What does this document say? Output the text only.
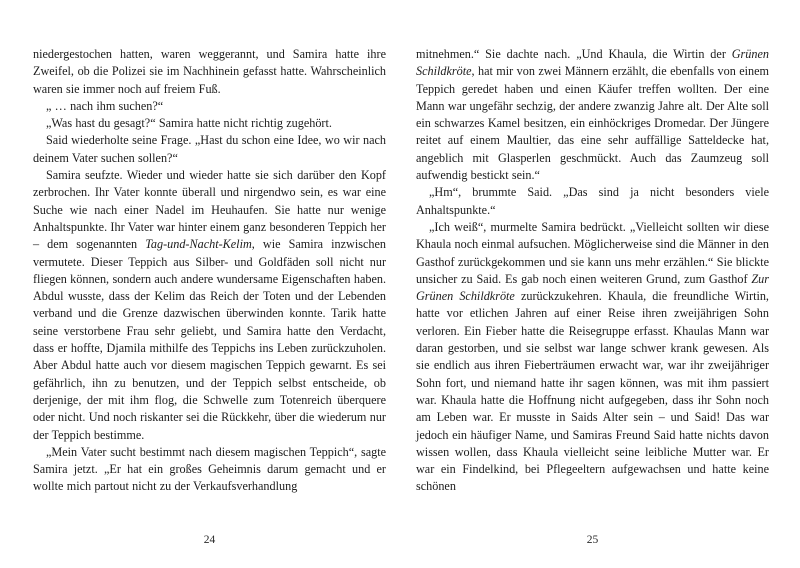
niedergestochen hatten, waren weggerannt, und Samira hatte ihre Zweifel, ob die Polizei sie im Nachhinein gefasst hatte. Wahrscheinlich waren sie immer noch auf freiem Fuß.

„ … nach ihm suchen?“

„Was hast du gesagt?“ Samira hatte nicht richtig zugehört.

Said wiederholte seine Frage. „Hast du schon eine Idee, wo wir nach deinem Vater suchen sollen?“

Samira seufzte. Wieder und wieder hatte sie sich darüber den Kopf zerbrochen. Ihr Vater konnte überall und nirgendwo sein, es war eine Suche wie nach einer Nadel im Heuhaufen. Sie hatte nur wenige Anhaltspunkte. Ihr Vater war hinter einem ganz besonderen Teppich her – dem sogenannten Tag-und-Nacht-Kelim, wie Samira inzwischen vermutete. Dieser Teppich aus Silber- und Goldfäden soll nicht nur fliegen können, sondern auch andere wundersame Eigenschaften haben. Abdul wusste, dass der Kelim das Reich der Toten und der Lebenden verband und die Grenze dazwischen überwinden konnte. Tarik hatte seine verstorbene Frau sehr geliebt, und Samira hatte den Verdacht, dass er hoffte, Djamila mithilfe des Teppichs ins Leben zurückzuholen. Aber Abdul hatte auch vor diesem magischen Teppich gewarnt. Es sei gefährlich, ihn zu benutzen, und der Teppich selbst entscheide, ob derjenige, der mit ihm flog, die Schwelle zum Totenreich überquere oder nicht. Und noch riskanter sei die Rückkehr, über die wiederum nur der Teppich bestimme.

„Mein Vater sucht bestimmt nach diesem magischen Teppich“, sagte Samira jetzt. „Er hat ein großes Geheimnis darum gemacht und er wollte mich partout nicht zu der Verkaufsverhandlung

24

mitnehmen.“ Sie dachte nach. „Und Khaula, die Wirtin der Grünen Schildkröte, hat mir von zwei Männern erzählt, die ebenfalls von einem Teppich geredet haben und einen Käufer treffen wollten. Der eine Mann war ungefähr sechzig, der andere zwanzig Jahre alt. Der Alte soll ein schwarzes Kamel besitzen, ein einhöckriges Dromedar. Der Jüngere reitet auf einem Maultier, das eine sehr auffällige Satteldecke hat, angeblich mit Glasperlen geschmückt. Auch das Zaumzeug soll aufwendig bestickt sein.“

„Hm“, brummte Said. „Das sind ja nicht besonders viele Anhaltspunkte.“

„Ich weiß“, murmelte Samira bedrückt. „Vielleicht sollten wir diese Khaula noch einmal aufsuchen. Möglicherweise sind die Männer in den Gasthof zurückgekommen und sie kann uns mehr erzählen.“ Sie blickte unsicher zu Said. Es gab noch einen weiteren Grund, zum Gasthof Zur Grünen Schildkröte zurückzukehren. Khaula, die freundliche Wirtin, hatte vor etlichen Jahren auf einer Reise ihren zweijährigen Sohn verloren. Ein Fieber hatte die Reisegruppe erfasst. Khaulas Mann war daran gestorben, und sie selbst war lange schwer krank gewesen. Als sie endlich aus ihren Fieberträumen erwacht war, war ihr zweijähriger Sohn fort, und niemand hatte ihr sagen können, was mit ihm passiert war. Khaula hatte die Hoffnung nicht aufgegeben, dass ihr Sohn noch am Leben war. Er musste in Saids Alter sein – und Said! Das war jedoch ein häufiger Name, und Samiras Freund Said hatte nichts davon wissen wollen, dass Khaula vielleicht seine leibliche Mutter war. Er war ein Findelkind, bei Pflegeeltern aufgewachsen und hatte keine schönen

25
